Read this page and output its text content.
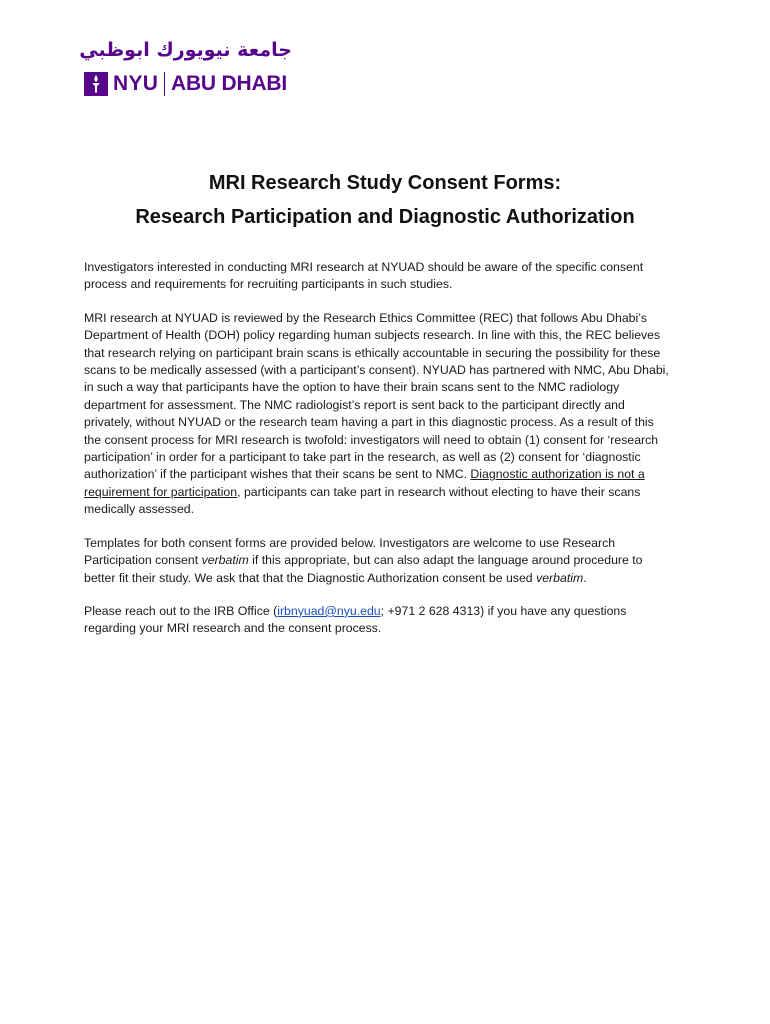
جامعة نيويورك ابوظبي
NYU ABU DHABI
MRI Research Study Consent Forms:
Research Participation and Diagnostic Authorization

Investigators interested in conducting MRI research at NYUAD should be aware of the specific consent
process and requirements for recruiting participants in such studies.

MRI research at NYUAD is reviewed by the Research Ethics Committee (REC) that follows Abu Dhabi’s
Department of Health (DOH) policy regarding human subjects research. In line with this, the REC believes
that research relying on participant brain scans is ethically accountable in securing the possibility for these
scans to be medically assessed (with a participant’s consent). NYUAD has partnered with NMC, Abu Dhabi,
in such a way that participants have the option to have their brain scans sent to the NMC radiology
department for assessment. The NMC radiologist’s report is sent back to the participant directly and
privately, without NYUAD or the research team having a part in this diagnostic process. As a result of this
the consent process for MRI research is twofold: investigators will need to obtain (1) consent for ‘research
participation’ in order for a participant to take part in the research, as well as (2) consent for ‘diagnostic
authorization’ if the participant wishes that their scans be sent to NMC. Diagnostic authorization is not a
requirement for participation, participants can take part in research without electing to have their scans
medically assessed.

Templates for both consent forms are provided below. Investigators are welcome to use Research
Participation consent verbatim if this appropriate, but can also adapt the language around procedure to
better fit their study. We ask that that the Diagnostic Authorization consent be used verbatim.

Please reach out to the IRB Office (irbnyuad@nyu.edu; +971 2 628 4313) if you have any questions
regarding your MRI research and the consent process.
